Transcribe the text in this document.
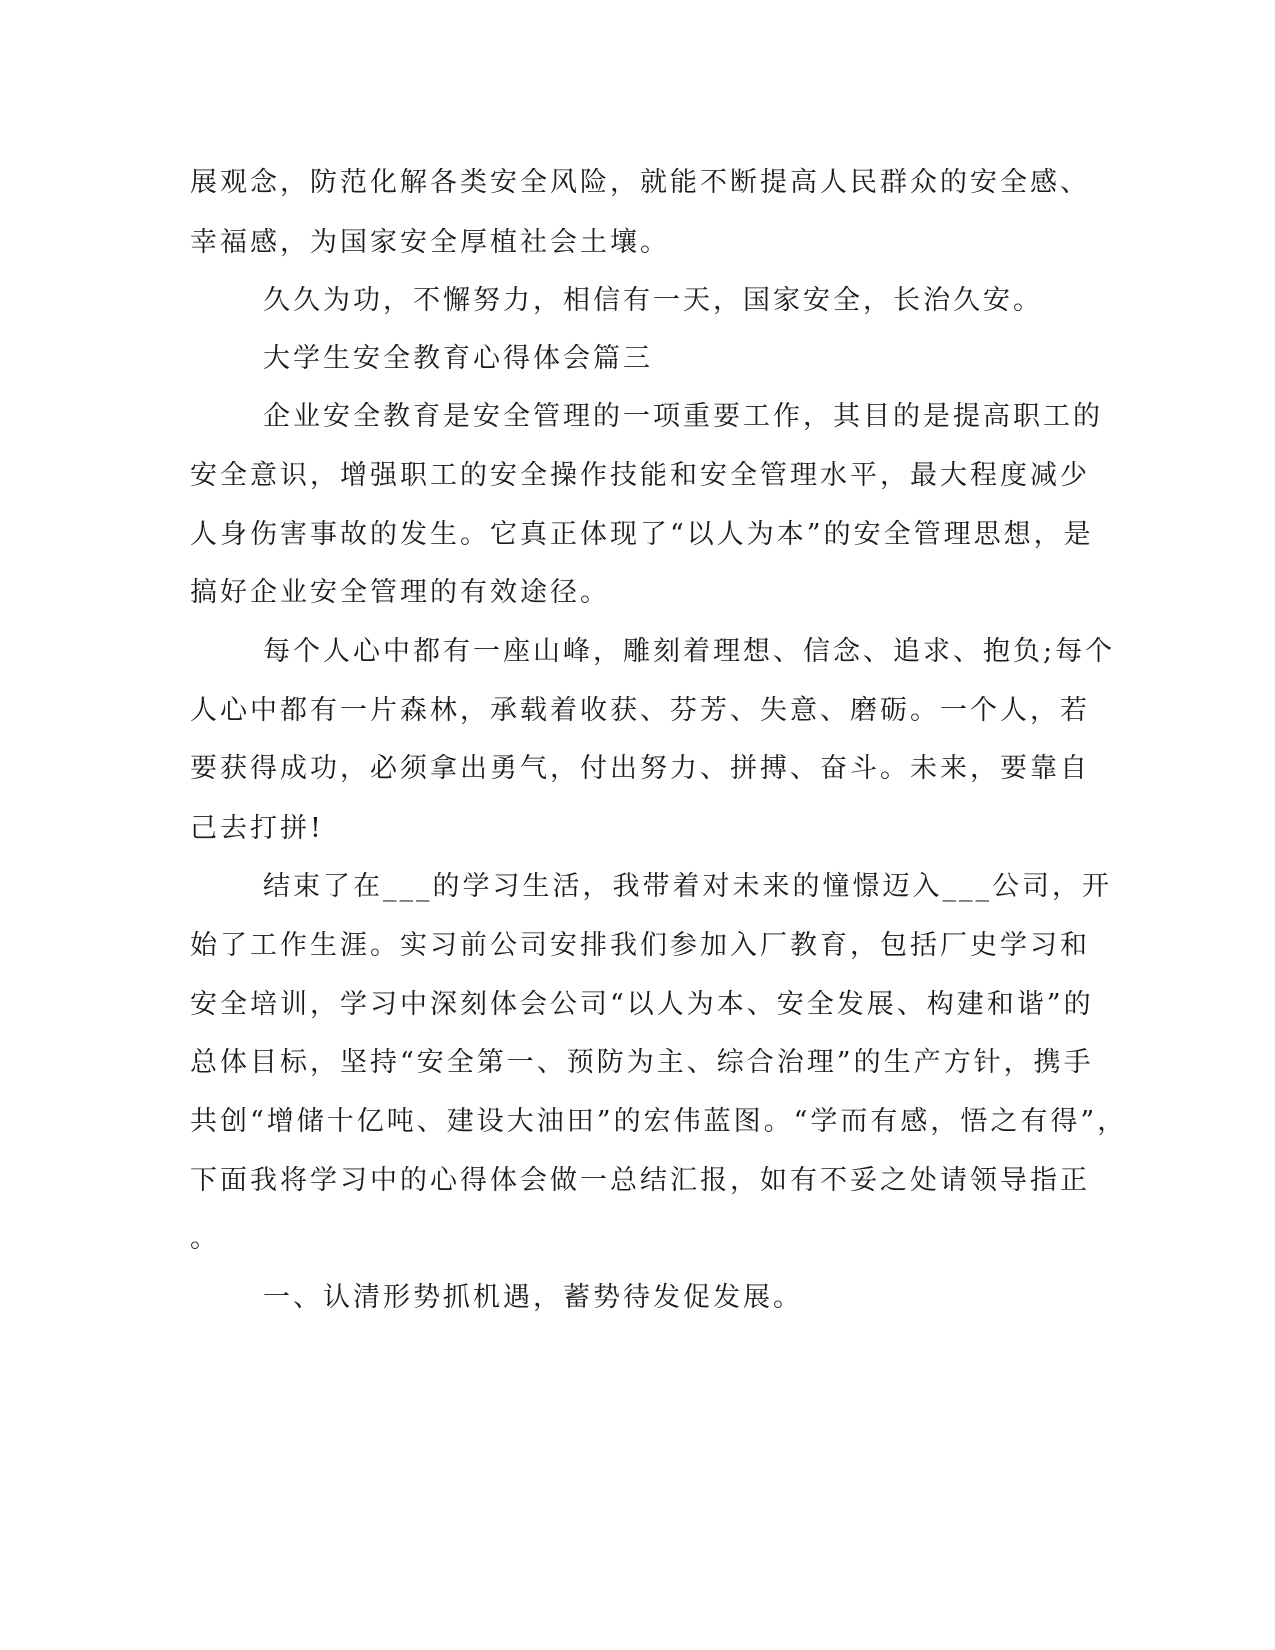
展观念，防范化解各类安全风险，就能不断提高人民群众的安全感、
幸福感，为国家安全厚植社会土壤。
久久为功，不懈努力，相信有一天，国家安全，长治久安。
大学生安全教育心得体会篇三
企业安全教育是安全管理的一项重要工作，其目的是提高职工的
安全意识，增强职工的安全操作技能和安全管理水平，最大程度减少
人身伤害事故的发生。它真正体现了“以人为本”的安全管理思想，是
搞好企业安全管理的有效途径。
每个人心中都有一座山峰，雕刻着理想、信念、追求、抱负;每个
人心中都有一片森林，承载着收获、芬芳、失意、磨砺。一个人，若
要获得成功，必须拿出勇气，付出努力、拼搏、奋斗。未来，要靠自
己去打拼!
结束了在___的学习生活，我带着对未来的憧憬迈入___公司，开
始了工作生涯。实习前公司安排我们参加入厂教育，包括厂史学习和
安全培训，学习中深刻体会公司“以人为本、安全发展、构建和谐”的
总体目标，坚持“安全第一、预防为主、综合治理”的生产方针，携手
共创“增储十亿吨、建设大油田”的宏伟蓝图。“学而有感，悟之有得”，
下面我将学习中的心得体会做一总结汇报，如有不妥之处请领导指正
。
一、认清形势抓机遇，蓄势待发促发展。
